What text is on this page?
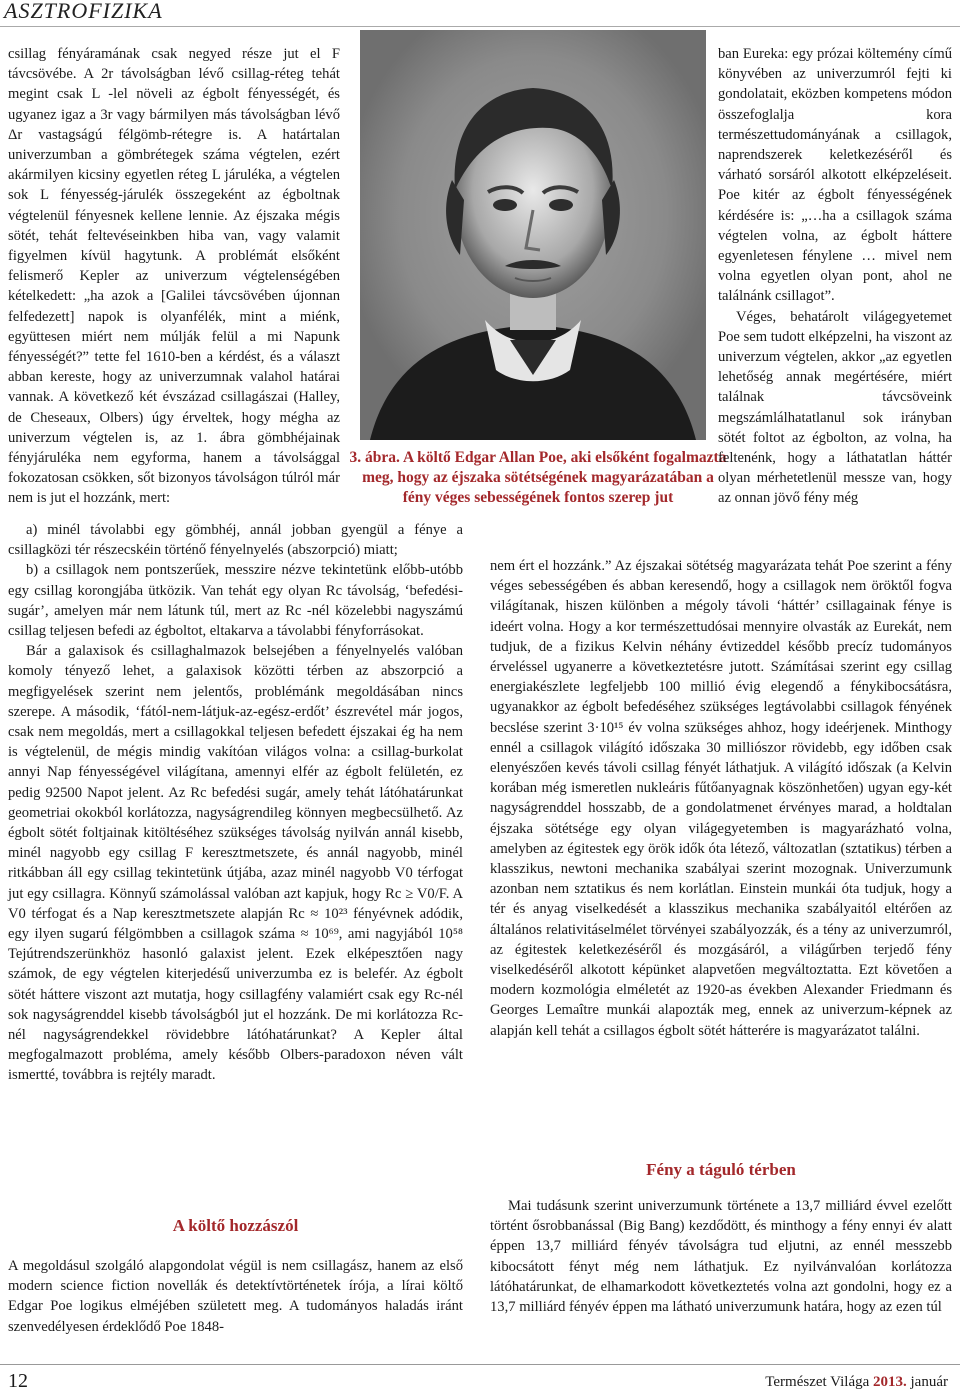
ASZTROFIZIKA

csillag fényáramának csak negyed része jut el F távcsövébe. A 2r távolságban lévő csillag-réteg tehát megint csak L -lel növeli az égbolt fényességét, és ugyanez igaz a 3r vagy bármilyen más távolságban lévő Δr vastagságú félgömb-rétegre is. A határtalan univerzumban a gömbrétegek száma végtelen, ezért akármilyen kicsiny egyetlen réteg L járuléka, a végtelen sok L fényesség-járulék összegeként az égboltnak végtelenül fényesnek kellene lennie. Az éjszaka mégis sötét, tehát feltevéseinkben hiba van, vagy valamit figyelmen kívül hagytunk. A problémát elsőként felismerő Kepler az univerzum végtelenségében kételkedett: „ha azok a [Galilei távcsövében újonnan felfedezett] napok is olyanfélék, mint a miénk, együttesen miért nem múlják felül a mi Napunk fényességét?” tette fel 1610-ben a kérdést, és a választ abban kereste, hogy az univerzumnak valahol határai vannak. A következő két évszázad csillagászai (Halley, de Cheseaux, Olbers) úgy érveltek, hogy mégha az univerzum végtelen is, az 1. ábra gömbhéjainak fényjáruléka nem egyforma, hanem a távolsággal fokozatosan csökken, sőt bizonyos távolságon túlról már nem is jut el hozzánk, mert:

3. ábra. A költő Edgar Allan Poe, aki elsőként fogalmazta meg, hogy az éjszaka sötétségének magyarázatában a fény véges sebességének fontos szerep jut

a) minél távolabbi egy gömbhéj, annál jobban gyengül a fénye a csillagközi tér részecskéin történő fényelnyelés (abszorpció) miatt;

b) a csillagok nem pontszerűek, messzire nézve tekintetünk előbb-utóbb egy csillag korongjába ütközik. Van tehát egy olyan Rc távolság, ‘befedési-sugár’, amelyen már nem látunk túl, mert az Rc -nél közelebbi nagyszámú csillag teljesen befedi az égboltot, eltakarva a távolabbi fényforrásokat.

Bár a galaxisok és csillaghalmazok belsejében a fényelnyelés valóban komoly tényező lehet, a galaxisok közötti térben az abszorpció a megfigyelések szerint nem jelentős, problémánk megoldásában nincs szerepe. A második, ‘fától-nem-látjuk-az-egész-erdőt’ észrevétel már jogos, csak nem megoldás, mert a csillagokkal teljesen befedett éjszakai ég ha nem is végtelenül, de mégis mindig vakítóan világos volna: a csillag-burkolat annyi Nap fényességével világítana, amennyi elfér az égbolt felületén, ez pedig 92500 Napot jelent. Az Rc befedési sugár, amely tehát látóhatárunkat geometriai okokból korlátozza, nagyságrendileg könnyen megbecsülhető. Az égbolt sötét foltjainak kitöltéséhez szükséges távolság nyilván annál kisebb, minél nagyobb egy csillag F keresztmetszete, és annál nagyobb, minél ritkábban áll egy csillag tekintetünk útjába, azaz minél nagyobb V0 térfogat jut egy csillagra. Könnyű számolással valóban azt kapjuk, hogy Rc ≥ V0/F. A V0 térfogat és a Nap keresztmetszete alapján Rc ≈ 10²³ fényévnek adódik, egy ilyen sugarú félgömbben a csillagok száma ≈ 10⁶⁹, ami nagyjából 10⁵⁸ Tejútrendszerünkhöz hasonló galaxist jelent. Ezek elképesztően nagy számok, de egy végtelen kiterjedésű univerzumba ez is belefér. Az égbolt sötét háttere viszont azt mutatja, hogy csillagfény valamiért csak egy Rc-nél sok nagyságrenddel kisebb távolságból jut el hozzánk. De mi korlátozza Rc-nél nagyságrendekkel rövidebbre látóhatárunkat? A Kepler által megfogalmazott probléma, amely később Olbers-paradoxon néven vált ismertté, továbbra is rejtély maradt.

A költő hozzászól

A megoldásul szolgáló alapgondolat végül is nem csillagász, hanem az első modern science fiction novellák és detektívtörténetek írója, a lírai költő Edgar Poe logikus elméjében született meg. A tudományos haladás iránt szenvedélyesen érdeklődő Poe 1848-

ban Eureka: egy prózai költemény című könyvében az univerzumról fejti ki gondolatait, eközben kompetens módon összefoglalja kora természettudományának a csillagok, naprendszerek keletkezéséről és várható sorsáról alkotott elképzeléseit. Poe kitér az égbolt fényességének kérdésére is: „…ha a csillagok száma végtelen volna, az égbolt háttere egyenletesen fénylene … mivel nem volna egyetlen olyan pont, ahol ne találnánk csillagot”.

Véges, behatárolt világegyetemet Poe sem tudott elképzelni, ha viszont az univerzum végtelen, akkor „az egyetlen lehetőség annak megértésére, miért találnak távcsöveink megszámlálhatatlanul sok irányban sötét foltot az égbolton, az volna, ha feltenénk, hogy a láthatatlan háttér olyan mérhetetlenül messze van, hogy az onnan jövő fény még

nem ért el hozzánk.” Az éjszakai sötétség magyarázata tehát Poe szerint a fény véges sebességében és abban keresendő, hogy a csillagok nem öröktől fogva világítanak, hiszen különben a mégoly távoli ‘háttér’ csillagainak fénye is ideért volna. Hogy a kor természettudósai mennyire olvasták az Eurekát, nem tudjuk, de a fizikus Kelvin néhány évtizeddel később precíz tudományos érveléssel ugyanerre a következtetésre jutott. Számításai szerint egy csillag energiakészlete legfeljebb 100 millió évig elegendő a fénykibocsátásra, ugyanakkor az égbolt befedéséhez szükséges legtávolabbi csillagok fényének becslése szerint 3·10¹⁵ év volna szükséges ahhoz, hogy ideérjenek. Minthogy ennél a csillagok világító időszaka 30 milliószor rövidebb, egy időben csak elenyészően kevés távoli csillag fényét láthatjuk. A világító időszak (a Kelvin korában még ismeretlen nukleáris fűtőanyagnak köszönhetően) ugyan egy-két nagyságrenddel hosszabb, de a gondolatmenet érvényes marad, a holdtalan éjszaka sötétsége egy olyan világegyetemben is magyarázható volna, amelyben az égitestek egy örök idők óta létező, változatlan (sztatikus) térben a klasszikus, newtoni mechanika szabályai szerint mozognak. Univerzumunk azonban nem sztatikus és nem korlátlan. Einstein munkái óta tudjuk, hogy a tér és anyag viselkedését a klasszikus mechanika szabályaitól eltérően az általános relativitáselmélet törvényei szabályozzák, és a tény az univerzumról, az égitestek keletkezéséről és mozgásáról, a világűrben terjedő fény viselkedéséről alkotott képünket alapvetően megváltoztatta. Ezt követően a modern kozmológia elméletét az 1920-as években Alexander Friedmann és Georges Lemaître munkái alapozták meg, ennek az univerzum-képnek az alapján kell tehát a csillagos égbolt sötét hátterére is magyarázatot találni.

Fény a táguló térben

Mai tudásunk szerint univerzumunk története a 13,7 milliárd évvel ezelőtt történt ősrobbanással (Big Bang) kezdődött, és minthogy a fény ennyi év alatt éppen 13,7 milliárd fényév távolságra tud eljutni, az ennél messzebb kibocsátott fényt még nem láthatjuk. Ez nyilvánvalóan korlátozza látóhatárunkat, de elhamarkodott következtetés volna azt gondolni, hogy ez a 13,7 milliárd fényév éppen ma látható univerzumunk határa, hogy az ezen túl

12	Természet Világa 2013. január
